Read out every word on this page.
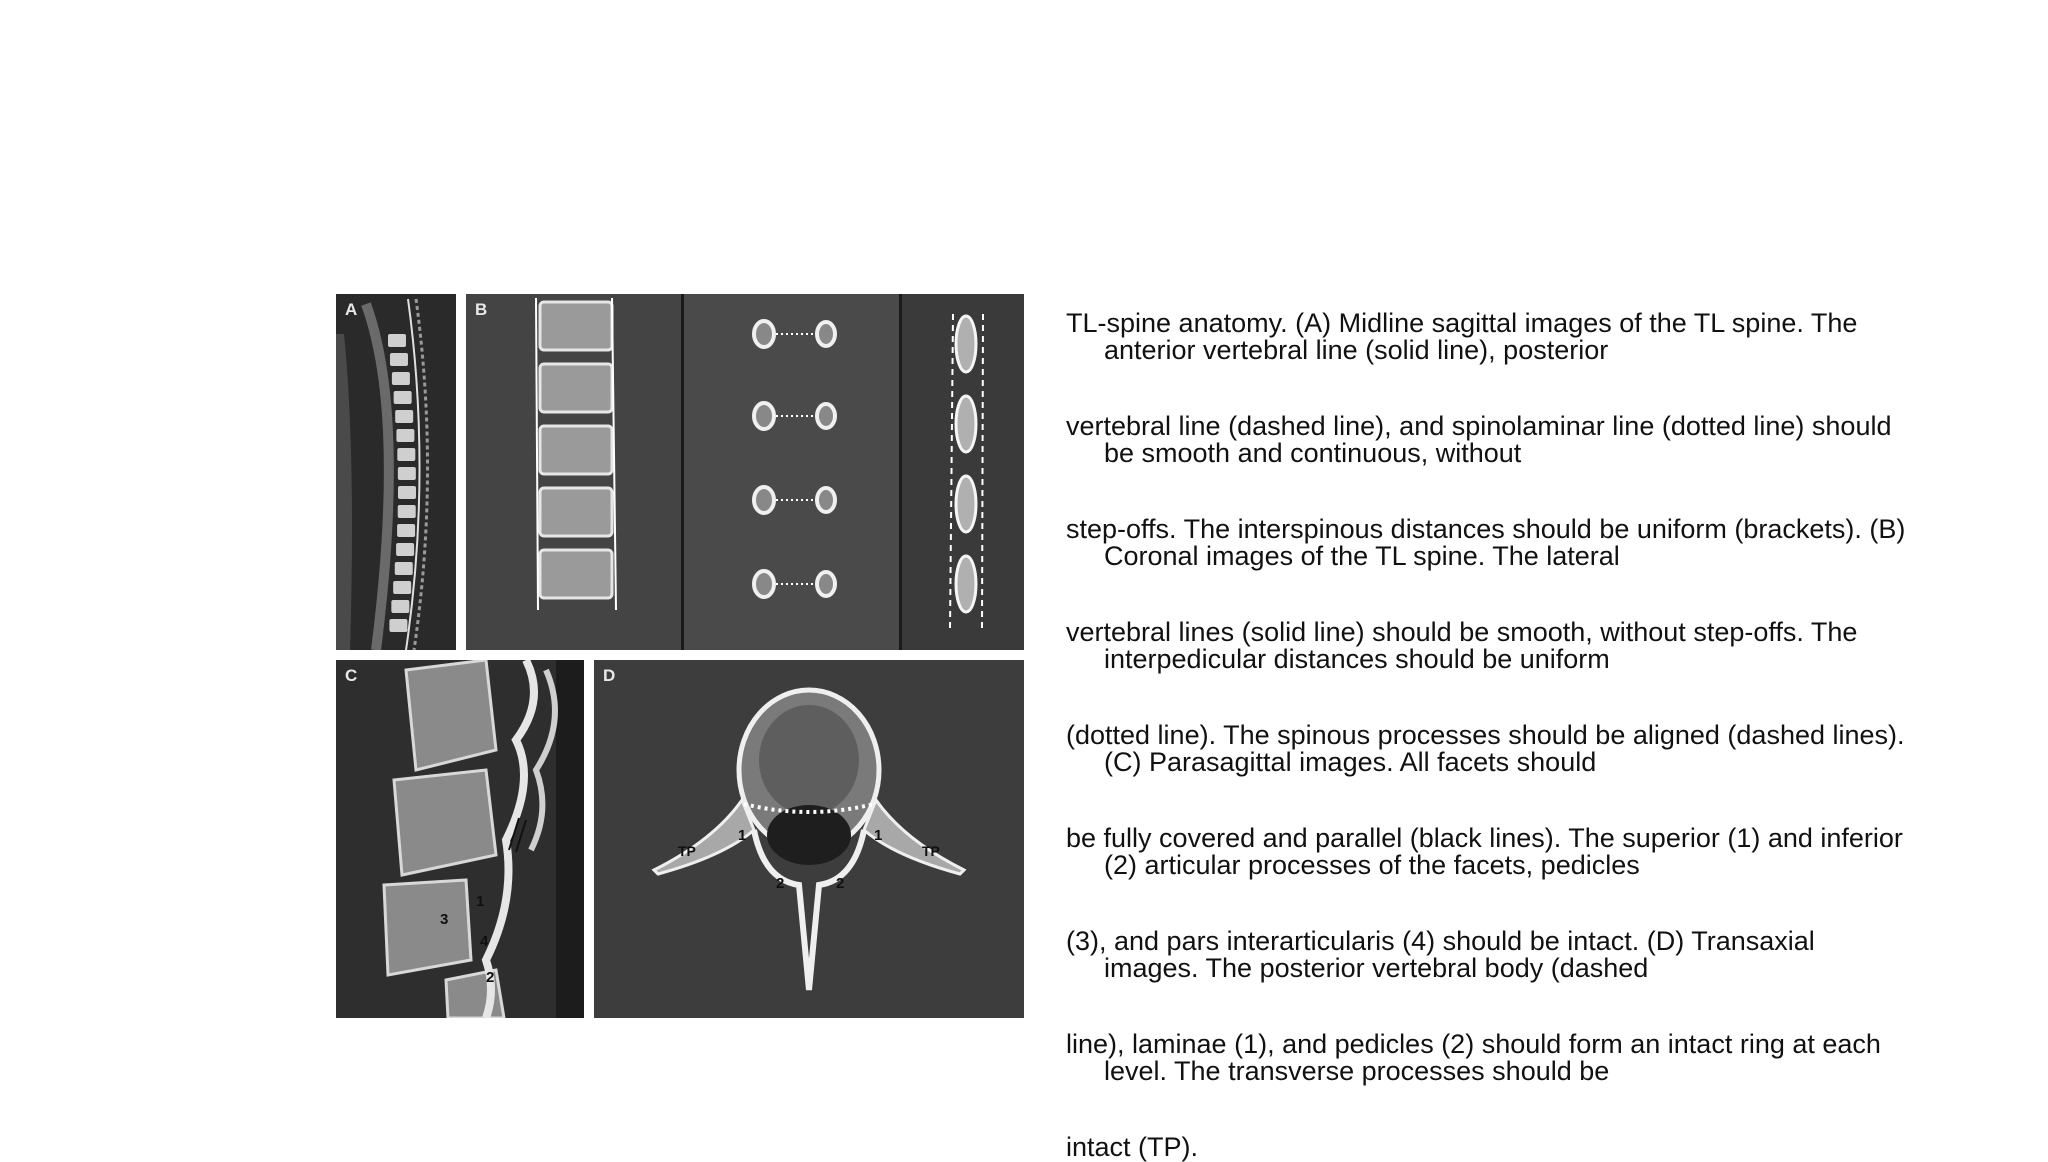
A	B
1
3
4
2
C
TP	TP
1	1
2	2
D

TL-spine anatomy. (A) Midline sagittal images of the TL spine. The anterior vertebral line (solid line), posterior

vertebral line (dashed line), and spinolaminar line (dotted line) should be smooth and continuous, without

step-offs. The interspinous distances should be uniform (brackets). (B) Coronal images of the TL spine. The lateral

vertebral lines (solid line) should be smooth, without step-offs. The interpedicular distances should be uniform

(dotted line). The spinous processes should be aligned (dashed lines). (C) Parasagittal images. All facets should

be fully covered and parallel (black lines). The superior (1) and inferior (2) articular processes of the facets, pedicles

(3), and pars interarticularis (4) should be intact. (D) Transaxial images. The posterior vertebral body (dashed

line), laminae (1), and pedicles (2) should form an intact ring at each level. The transverse processes should be

intact (TP).
